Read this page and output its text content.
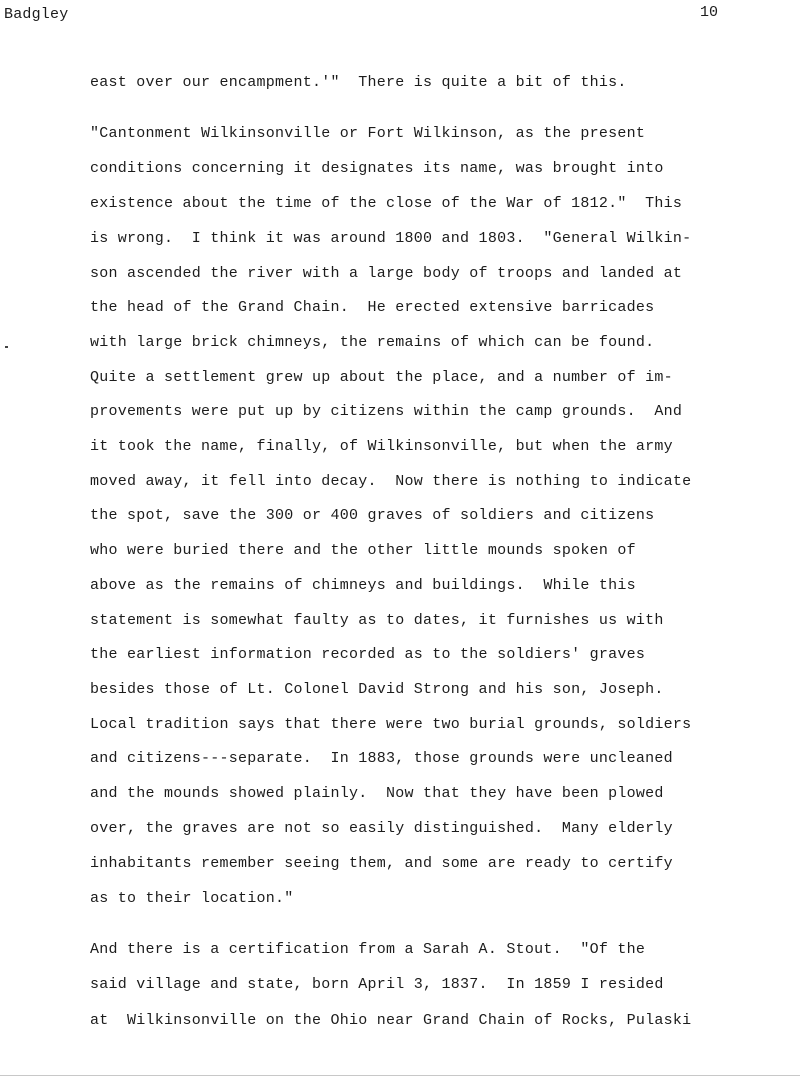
Badgley	10
east over our encampment.'"  There is quite a bit of this.
"Cantonment Wilkinsonville or Fort Wilkinson, as the present
conditions concerning it designates its name, was brought into
existence about the time of the close of the War of 1812."  This
is wrong.  I think it was around 1800 and 1803.  "General Wilkin-
son ascended the river with a large body of troops and landed at
the head of the Grand Chain.  He erected extensive barricades
with large brick chimneys, the remains of which can be found.
Quite a settlement grew up about the place, and a number of im-
provements were put up by citizens within the camp grounds.  And
it took the name, finally, of Wilkinsonville, but when the army
moved away, it fell into decay.  Now there is nothing to indicate
the spot, save the 300 or 400 graves of soldiers and citizens
who were buried there and the other little mounds spoken of
above as the remains of chimneys and buildings.  While this
statement is somewhat faulty as to dates, it furnishes us with
the earliest information recorded as to the soldiers' graves
besides those of Lt. Colonel David Strong and his son, Joseph.
Local tradition says that there were two burial grounds, soldiers
and citizens---separate.  In 1883, those grounds were uncleaned
and the mounds showed plainly.  Now that they have been plowed
over, the graves are not so easily distinguished.  Many elderly
inhabitants remember seeing them, and some are ready to certify
as to their location."
And there is a certification from a Sarah A. Stout.  "Of the
said village and state, born April 3, 1837.  In 1859 I resided
at  Wilkinsonville on the Ohio near Grand Chain of Rocks, Pulaski
